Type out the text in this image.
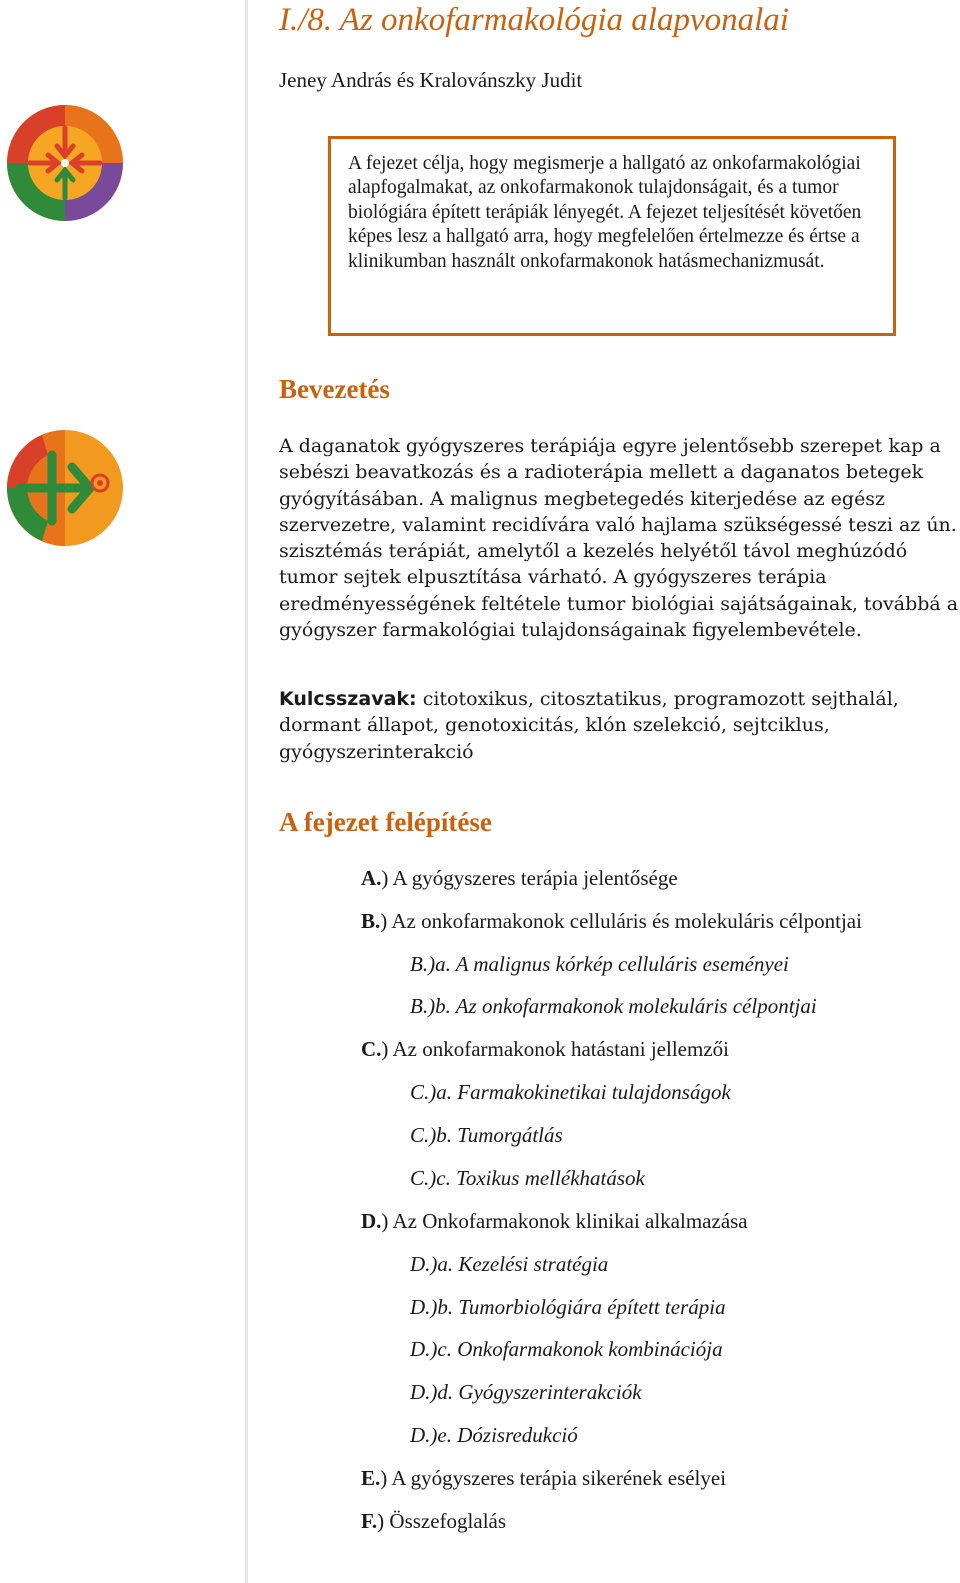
I./8. Az onkofarmakológia alapvonalai
Jeney András és Kralovánszky Judit
A fejezet célja, hogy megismerje a hallgató az onkofarmakológiai alapfogalmakat, az onkofarmakonok tulajdonságait, és a tumor biológiára épített terápiák lényegét. A fejezet teljesítését követően képes lesz a hallgató arra, hogy megfelelően értelmezze és értse a klinikumban használt onkofarmakonok hatásmechanizmusát.
Bevezetés
A daganatok gyógyszeres terápiája egyre jelentősebb szerepet kap a sebészi beavatkozás és a radioterápia mellett a daganatos betegek gyógyításában. A malignus megbetegedés kiterjedése az egész szervezetre, valamint recidívára való hajlama szükségessé teszi az ún. szisztémás terápiát, amelytől a kezelés helyétől távol meghúzódó tumor sejtek elpusztítása várható. A gyógyszeres terápia eredményességének feltétele tumor biológiai sajátságainak, továbbá a gyógyszer farmakológiai tulajdonságainak figyelembevétele.
Kulcsszavak: citotoxikus, citosztatikus, programozott sejthalál, dormant állapot, genotoxicitás, klón szelekció, sejtciklus, gyógyszerinterakció
A fejezet felépítése
A.) A gyógyszeres terápia jelentősége
B.) Az onkofarmakonok celluláris és molekuláris célpontjai
B.)a. A malignus kórkép celluláris eseményei
B.)b. Az onkofarmakonok molekuláris célpontjai
C.) Az onkofarmakonok hatástani jellemzői
C.)a. Farmakokinetikai tulajdonságok
C.)b. Tumorgátlás
C.)c. Toxikus mellékhatások
D.) Az Onkofarmakonok klinikai alkalmazása
D.)a. Kezelési stratégia
D.)b. Tumorbiológiára épített terápia
D.)c. Onkofarmakonok kombinációja
D.)d. Gyógyszerinterakciók
D.)e. Dózisredukció
E.) A gyógyszeres terápia sikerének esélyei
F.) Összefoglalás
